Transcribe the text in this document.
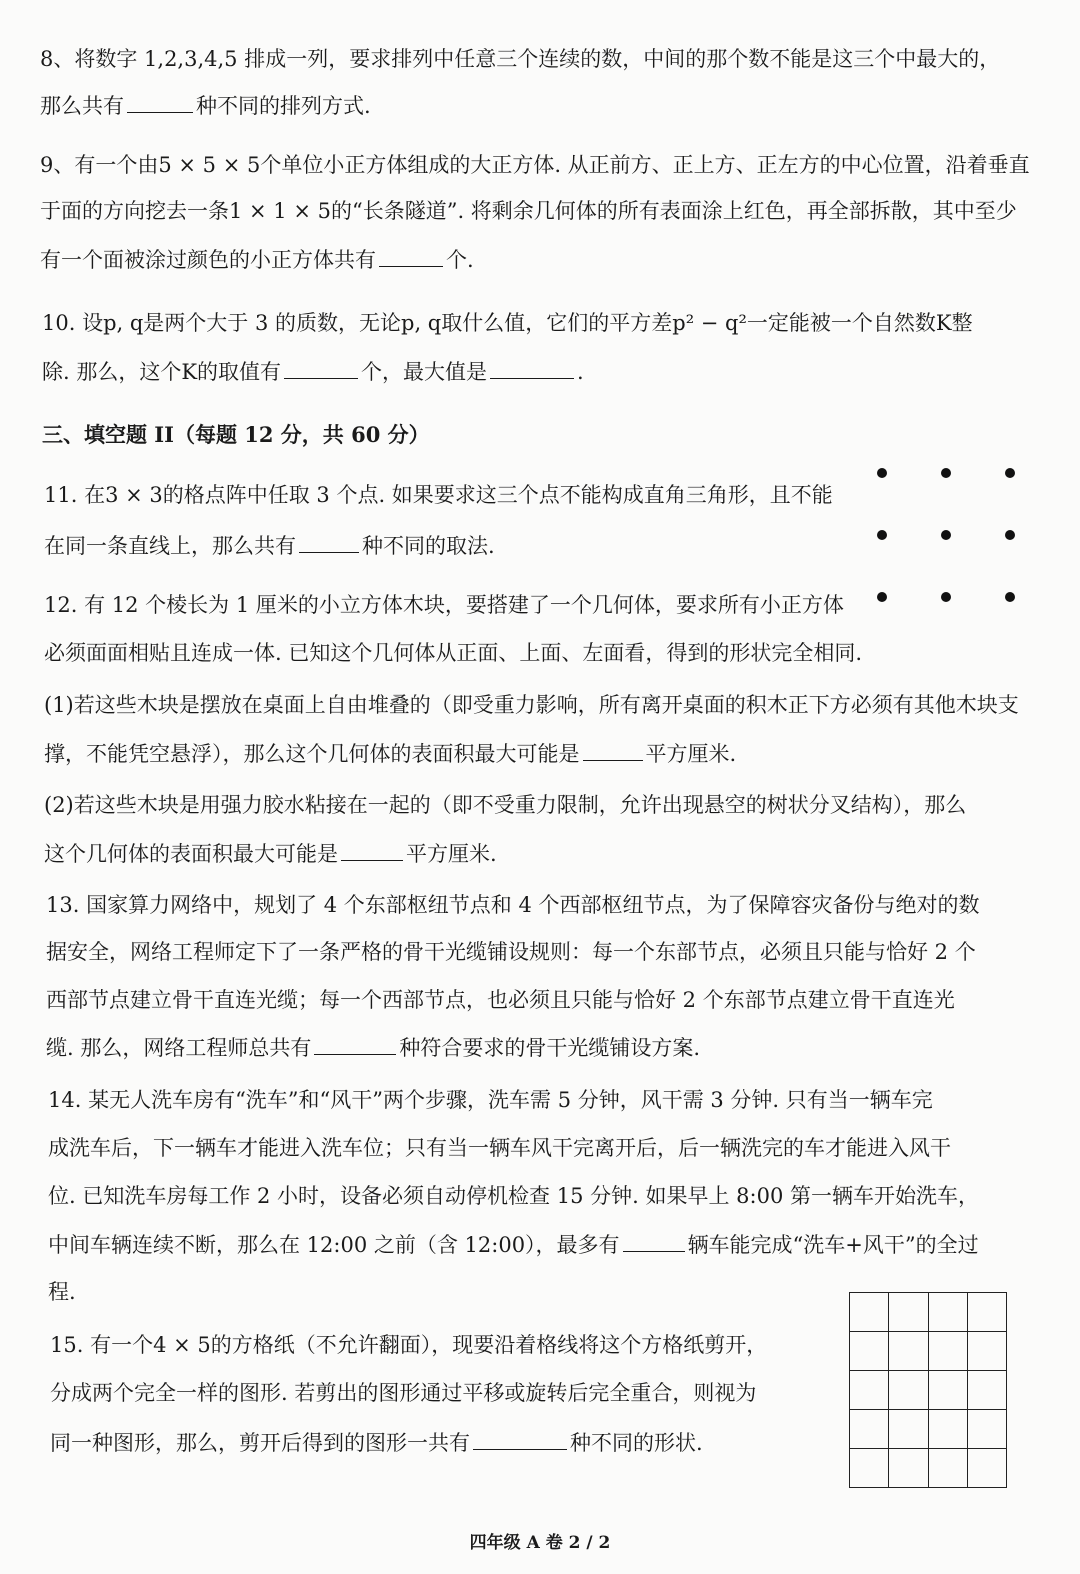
8、将数字 1,2,3,4,5 排成一列，要求排列中任意三个连续的数，中间的那个数不能是这三个中最大的，
那么共有	种不同的排列方式.
9、有一个由5 × 5 × 5个单位小正方体组成的大正方体. 从正前方、正上方、正左方的中心位置，沿着垂直
于面的方向挖去一条1 × 1 × 5的“长条隧道”. 将剩余几何体的所有表面涂上红色，再全部拆散，其中至少
有一个面被涂过颜色的小正方体共有	个.
10. 设p, q是两个大于 3 的质数，无论p, q取什么值，它们的平方差p² − q²一定能被一个自然数K整
除. 那么，这个K的取值有	个，最大值是	.
三、填空题 II（每题 12 分，共 60 分）
11. 在3 × 3的格点阵中任取 3 个点. 如果要求这三个点不能构成直角三角形，且不能
在同一条直线上，那么共有	种不同的取法.
12. 有 12 个棱长为 1 厘米的小立方体木块，要搭建了一个几何体，要求所有小正方体
必须面面相贴且连成一体. 已知这个几何体从正面、上面、左面看，得到的形状完全相同.
(1)若这些木块是摆放在桌面上自由堆叠的（即受重力影响，所有离开桌面的积木正下方必须有其他木块支
撑，不能凭空悬浮），那么这个几何体的表面积最大可能是	平方厘米.
(2)若这些木块是用强力胶水粘接在一起的（即不受重力限制，允许出现悬空的树状分叉结构），那么
这个几何体的表面积最大可能是	平方厘米.
13. 国家算力网络中，规划了 4 个东部枢纽节点和 4 个西部枢纽节点，为了保障容灾备份与绝对的数
据安全，网络工程师定下了一条严格的骨干光缆铺设规则：每一个东部节点，必须且只能与恰好 2 个
西部节点建立骨干直连光缆；每一个西部节点，也必须且只能与恰好 2 个东部节点建立骨干直连光
缆. 那么，网络工程师总共有	种符合要求的骨干光缆铺设方案.
14. 某无人洗车房有“洗车”和“风干”两个步骤，洗车需 5 分钟，风干需 3 分钟. 只有当一辆车完
成洗车后，下一辆车才能进入洗车位；只有当一辆车风干完离开后，后一辆洗完的车才能进入风干
位. 已知洗车房每工作 2 小时，设备必须自动停机检查 15 分钟. 如果早上 8:00 第一辆车开始洗车，
中间车辆连续不断，那么在 12:00 之前（含 12:00），最多有	辆车能完成“洗车+风干”的全过
程.

15. 有一个4 × 5的方格纸（不允许翻面），现要沿着格线将这个方格纸剪开，
分成两个完全一样的图形. 若剪出的图形通过平移或旋转后完全重合，则视为
同一种图形，那么，剪开后得到的图形一共有	种不同的形状.
四年级 A 卷 2 / 2
